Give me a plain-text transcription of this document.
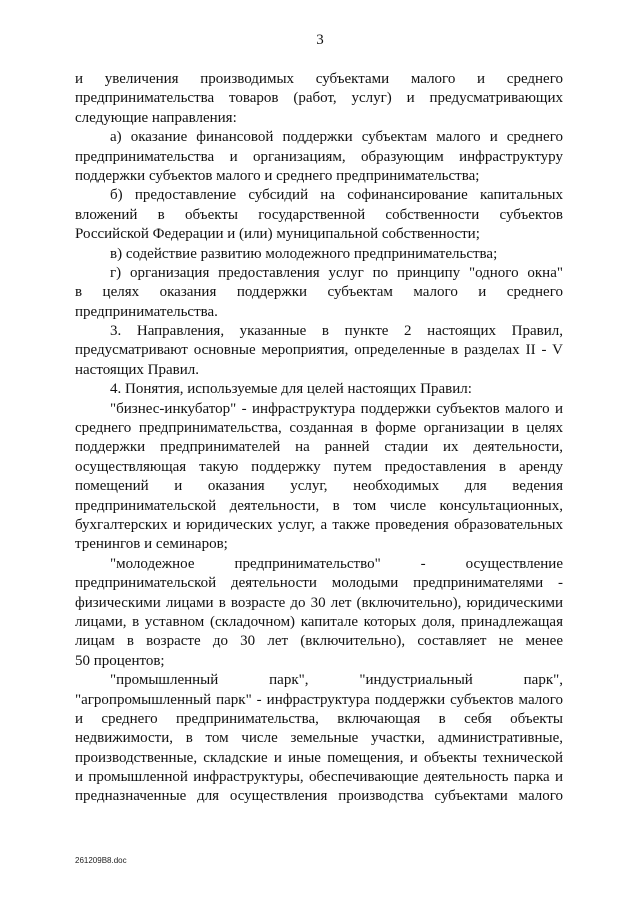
3
и увеличения производимых субъектами малого и среднего
предпринимательства товаров (работ, услуг) и предусматривающих
следующие направления:
а) оказание финансовой поддержки субъектам малого и среднего
предпринимательства и организациям, образующим инфраструктуру
поддержки субъектов малого и среднего предпринимательства;
б) предоставление субсидий на софинансирование капитальных
вложений в объекты государственной собственности субъектов
Российской Федерации и (или) муниципальной собственности;
в) содействие развитию молодежного предпринимательства;
г) организация предоставления услуг по принципу "одного окна"
в целях оказания поддержки субъектам малого и среднего
предпринимательства.
3. Направления, указанные в пункте 2 настоящих Правил,
предусматривают основные мероприятия, определенные в разделах II - V
настоящих Правил.
4. Понятия, используемые для целей настоящих Правил:
"бизнес-инкубатор" - инфраструктура поддержки субъектов малого и
среднего предпринимательства, созданная в форме организации в целях
поддержки предпринимателей на ранней стадии их деятельности,
осуществляющая такую поддержку путем предоставления в аренду
помещений и оказания услуг, необходимых для ведения
предпринимательской деятельности, в том числе консультационных,
бухгалтерских и юридических услуг, а также проведения образовательных
тренингов и семинаров;
"молодежное предпринимательство" - осуществление
предпринимательской деятельности молодыми предпринимателями -
физическими лицами в возрасте до 30 лет (включительно), юридическими
лицами, в уставном (складочном) капитале которых доля, принадлежащая
лицам в возрасте до 30 лет (включительно), составляет не менее
50 процентов;
"промышленный парк", "индустриальный парк",
"агропромышленный парк" - инфраструктура поддержки субъектов малого
и среднего предпринимательства, включающая в себя объекты
недвижимости, в том числе земельные участки, административные,
производственные, складские и иные помещения, и объекты технической
и промышленной инфраструктуры, обеспечивающие деятельность парка и
предназначенные для осуществления производства субъектами малого
261209B8.doc
